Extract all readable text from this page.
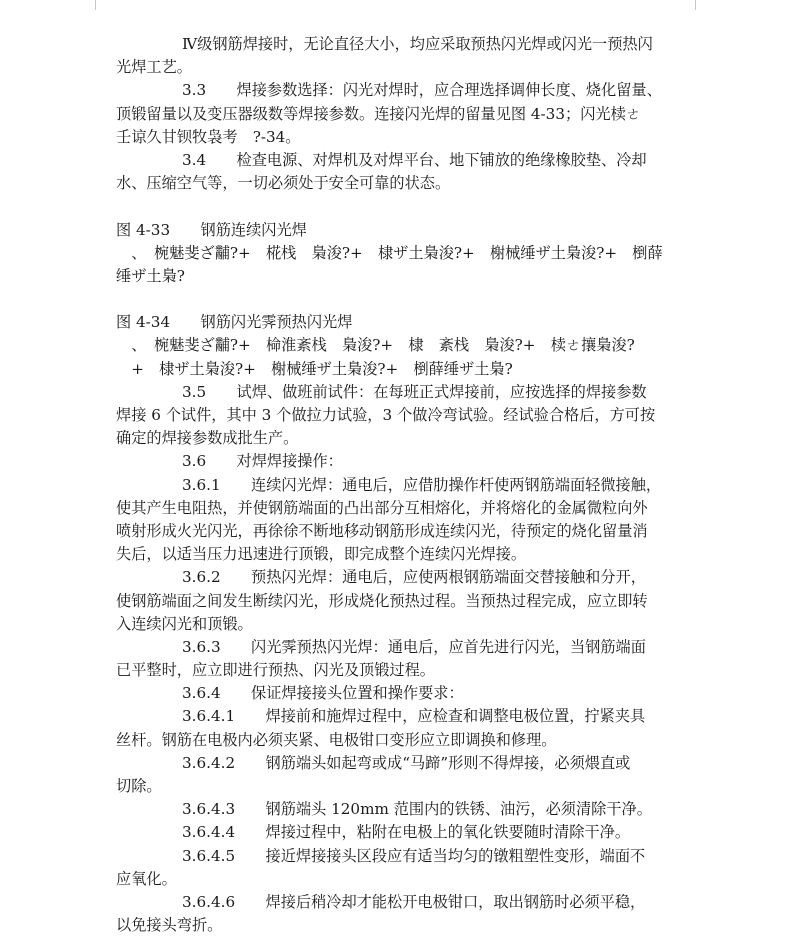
Ⅳ级钢筋焊接时，无论直径大小，均应采取预热闪光焊或闪光一预热闪
光焊工艺。
3.3　　焊接参数选择：闪光对焊时，应合理选择调伸长度、烧化留量、
顶锻留量以及变压器级数等焊接参数。连接闪光焊的留量见图 4-33；闪光椟ㄜ
壬谅久甘钡牧袅考　?-34。
3.4　　检查电源、对焊机及对焊平台、地下铺放的绝缘橡胶垫、冷却
水、压缩空气等，一切必须处于安全可靠的状态。
图 4-33　　钢筋连续闪光焊
　、　椀魅斐ざ黼?+　椛栈　梟浚?+　棣ザ土梟浚?+　榭械缍ザ土梟浚?+　椡薛
缍ザ土梟?
图 4-34　　钢筋闪光霁预热闪光焊
　、　椀魅斐ざ黼?+　椧淮紊栈　梟浚?+　棣　紊栈　梟浚?+　椟ㄜ攘梟浚?
　+　棣ザ土梟浚?+　榭械缍ザ土梟浚?+　椡薛缍ザ土梟?
3.5　　试焊、做班前试件：在每班正式焊接前，应按选择的焊接参数
焊接 6 个试件，其中 3 个做拉力试验，3 个做冷弯试验。经试验合格后，方可按
确定的焊接参数成批生产。
3.6　　对焊焊接操作：
3.6.1　　连续闪光焊：通电后，应借肋操作杆使两钢筋端面轻微接触，
使其产生电阻热，并使钢筋端面的凸出部分互相熔化，并将熔化的金属微粒向外
喷射形成火光闪光，再徐徐不断地移动钢筋形成连续闪光，待预定的烧化留量消
失后，以适当压力迅速进行顶锻，即完成整个连续闪光焊接。
3.6.2　　预热闪光焊：通电后，应使两根钢筋端面交替接触和分开，
使钢筋端面之间发生断续闪光，形成烧化预热过程。当预热过程完成，应立即转
入连续闪光和顶锻。
3.6.3　　闪光霁预热闪光焊：通电后，应首先进行闪光，当钢筋端面
已平整时，应立即进行预热、闪光及顶锻过程。
3.6.4　　保证焊接接头位置和操作要求：
3.6.4.1　　焊接前和施焊过程中，应检查和调整电极位置，拧紧夹具
丝杆。钢筋在电极内必须夹紧、电极钳口变形应立即调换和修理。
3.6.4.2　　钢筋端头如起弯或成“马蹄”形则不得焊接，必须煨直或
切除。
3.6.4.3　　钢筋端头 120mm 范围内的铁锈、油污，必须清除干净。
3.6.4.4　　焊接过程中，粘附在电极上的氧化铁要随时清除干净。
3.6.4.5　　接近焊接接头区段应有适当均匀的镦粗塑性变形，端面不
应氧化。
3.6.4.6　　焊接后稍冷却才能松开电极钳口，取出钢筋时必须平稳，
以免接头弯折。
